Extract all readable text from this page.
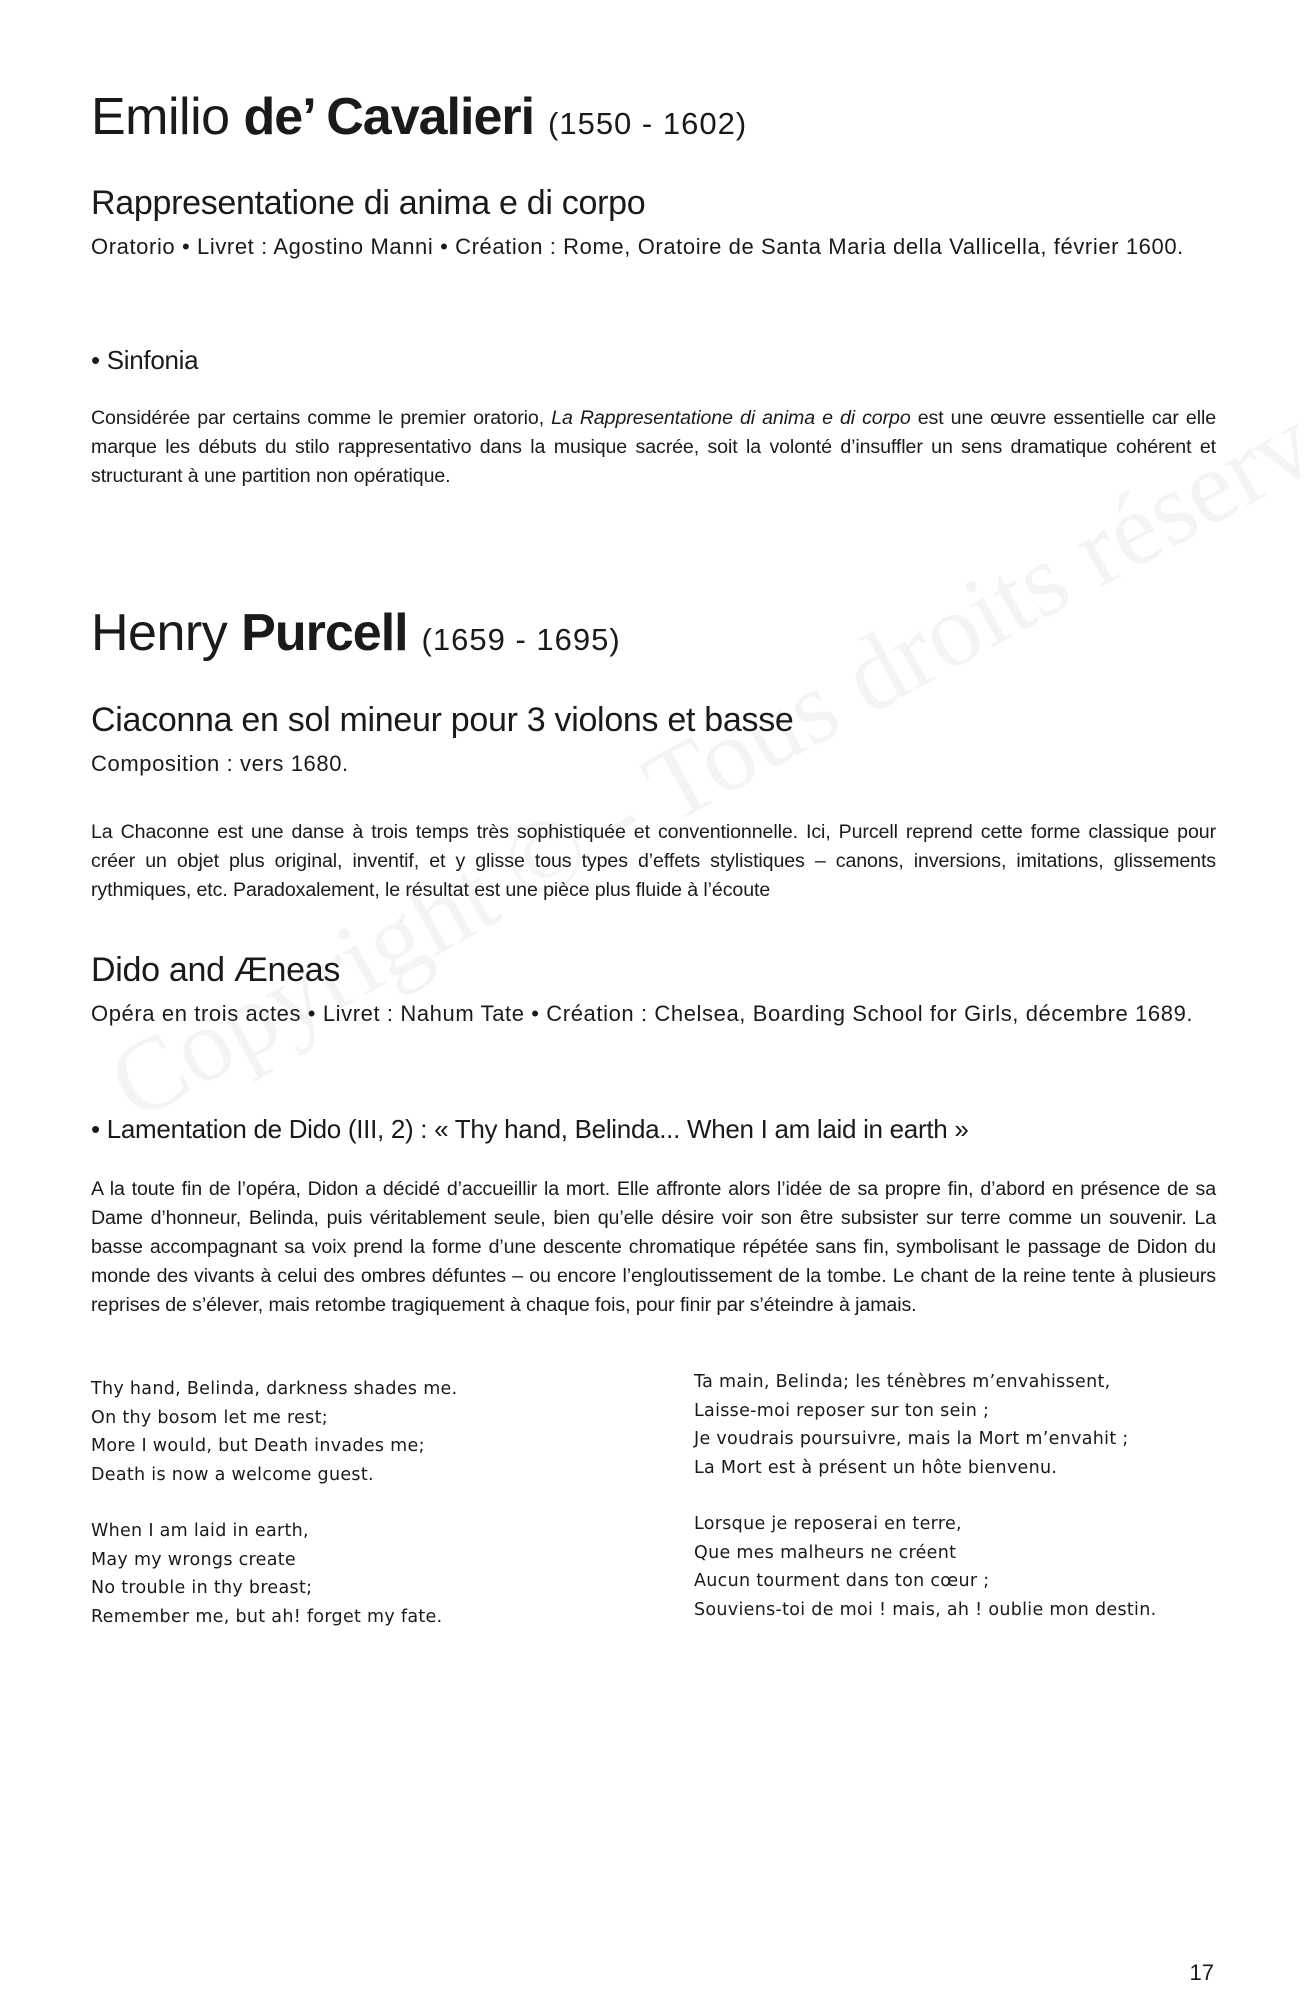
Emilio de’ Cavalieri (1550 - 1602)
Rappresentatione di anima e di corpo

Oratorio • Livret : Agostino Manni • Création : Rome, Oratoire de Santa Maria della Vallicella, février 1600.

• Sinfonia

Considérée par certains comme le premier oratorio, La Rappresentatione di anima e di corpo est une œuvre essentielle car elle marque les débuts du stilo rappresentativo dans la musique sacrée, soit la volonté d’insuffler un sens dramatique cohérent et structurant à une partition non opératique.

Henry Purcell (1659 - 1695)
Ciaconna en sol mineur pour 3 violons et basse

Composition : vers 1680.

La Chaconne est une danse à trois temps très sophistiquée et conventionnelle. Ici, Purcell reprend cette forme classique pour créer un objet plus original, inventif, et y glisse tous types d’effets stylistiques – canons, inversions, imitations, glissements rythmiques, etc. Paradoxalement, le résultat est une pièce plus fluide à l’écoute

Dido and Æneas

Opéra en trois actes • Livret : Nahum Tate • Création : Chelsea, Boarding School for Girls, décembre 1689.

• Lamentation de Dido (III, 2) : « Thy hand, Belinda... When I am laid in earth »

A la toute fin de l’opéra, Didon a décidé d’accueillir la mort. Elle affronte alors l’idée de sa propre fin, d’abord en présence de sa Dame d’honneur, Belinda, puis véritablement seule, bien qu’elle désire voir son être subsister sur terre comme un souvenir. La basse accompagnant sa voix prend la forme d’une descente chromatique répétée sans fin, symbolisant le passage de Didon du monde des vivants à celui des ombres défuntes – ou encore l’engloutissement de la tombe. Le chant de la reine tente à plusieurs reprises de s’élever, mais retombe tragiquement à chaque fois, pour finir par s’éteindre à jamais.

Thy hand, Belinda, darkness shades me.
On thy bosom let me rest;
More I would, but Death invades me;
Death is now a welcome guest.
When I am laid in earth,
May my wrongs create
No trouble in thy breast;
Remember me, but ah! forget my fate.
Ta main, Belinda; les ténèbres m’envahissent,
Laisse-moi reposer sur ton sein ;
Je voudrais poursuivre, mais la Mort m’envahit ;
La Mort est à présent un hôte bienvenu.
Lorsque je reposerai en terre,
Que mes malheurs ne créent
Aucun tourment dans ton cœur ;
Souviens-toi de moi ! mais, ah ! oublie mon destin.
17
